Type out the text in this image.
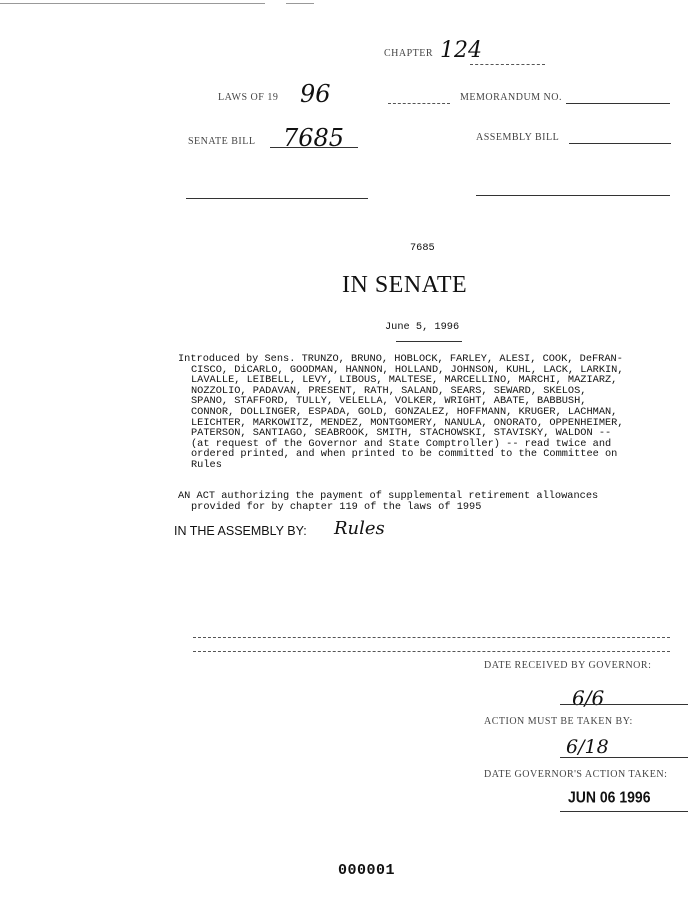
CHAPTER 124
LAWS OF 19 96	MEMORANDUM NO.
SENATE BILL 7685	ASSEMBLY BILL
7685
IN SENATE
June 5, 1996
Introduced by Sens. TRUNZO, BRUNO, HOBLOCK, FARLEY, ALESI, COOK, DeFRAN-
CISCO, DiCARLO, GOODMAN, HANNON, HOLLAND, JOHNSON, KUHL, LACK, LARKIN,
LAVALLE, LEIBELL, LEVY, LIBOUS, MALTESE, MARCELLINO, MARCHI, MAZIARZ,
NOZZOLIO, PADAVAN, PRESENT, RATH, SALAND, SEARS, SEWARD, SKELOS,
SPANO, STAFFORD, TULLY, VELELLA, VOLKER, WRIGHT, ABATE, BABBUSH,
CONNOR, DOLLINGER, ESPADA, GOLD, GONZALEZ, HOFFMANN, KRUGER, LACHMAN,
LEICHTER, MARKOWITZ, MENDEZ, MONTGOMERY, NANULA, ONORATO, OPPENHEIMER,
PATERSON, SANTIAGO, SEABROOK, SMITH, STACHOWSKI, STAVISKY, WALDON --
(at request of the Governor and State Comptroller) -- read twice and
ordered printed, and when printed to be committed to the Committee on
Rules
AN ACT authorizing the payment of supplemental retirement allowances
provided for by chapter 119 of the laws of 1995
IN THE ASSEMBLY BY: Rules
DATE RECEIVED BY GOVERNOR:
6/6
ACTION MUST BE TAKEN BY:
6/18
DATE GOVERNOR'S ACTION TAKEN:
JUN 06 1996
000001
